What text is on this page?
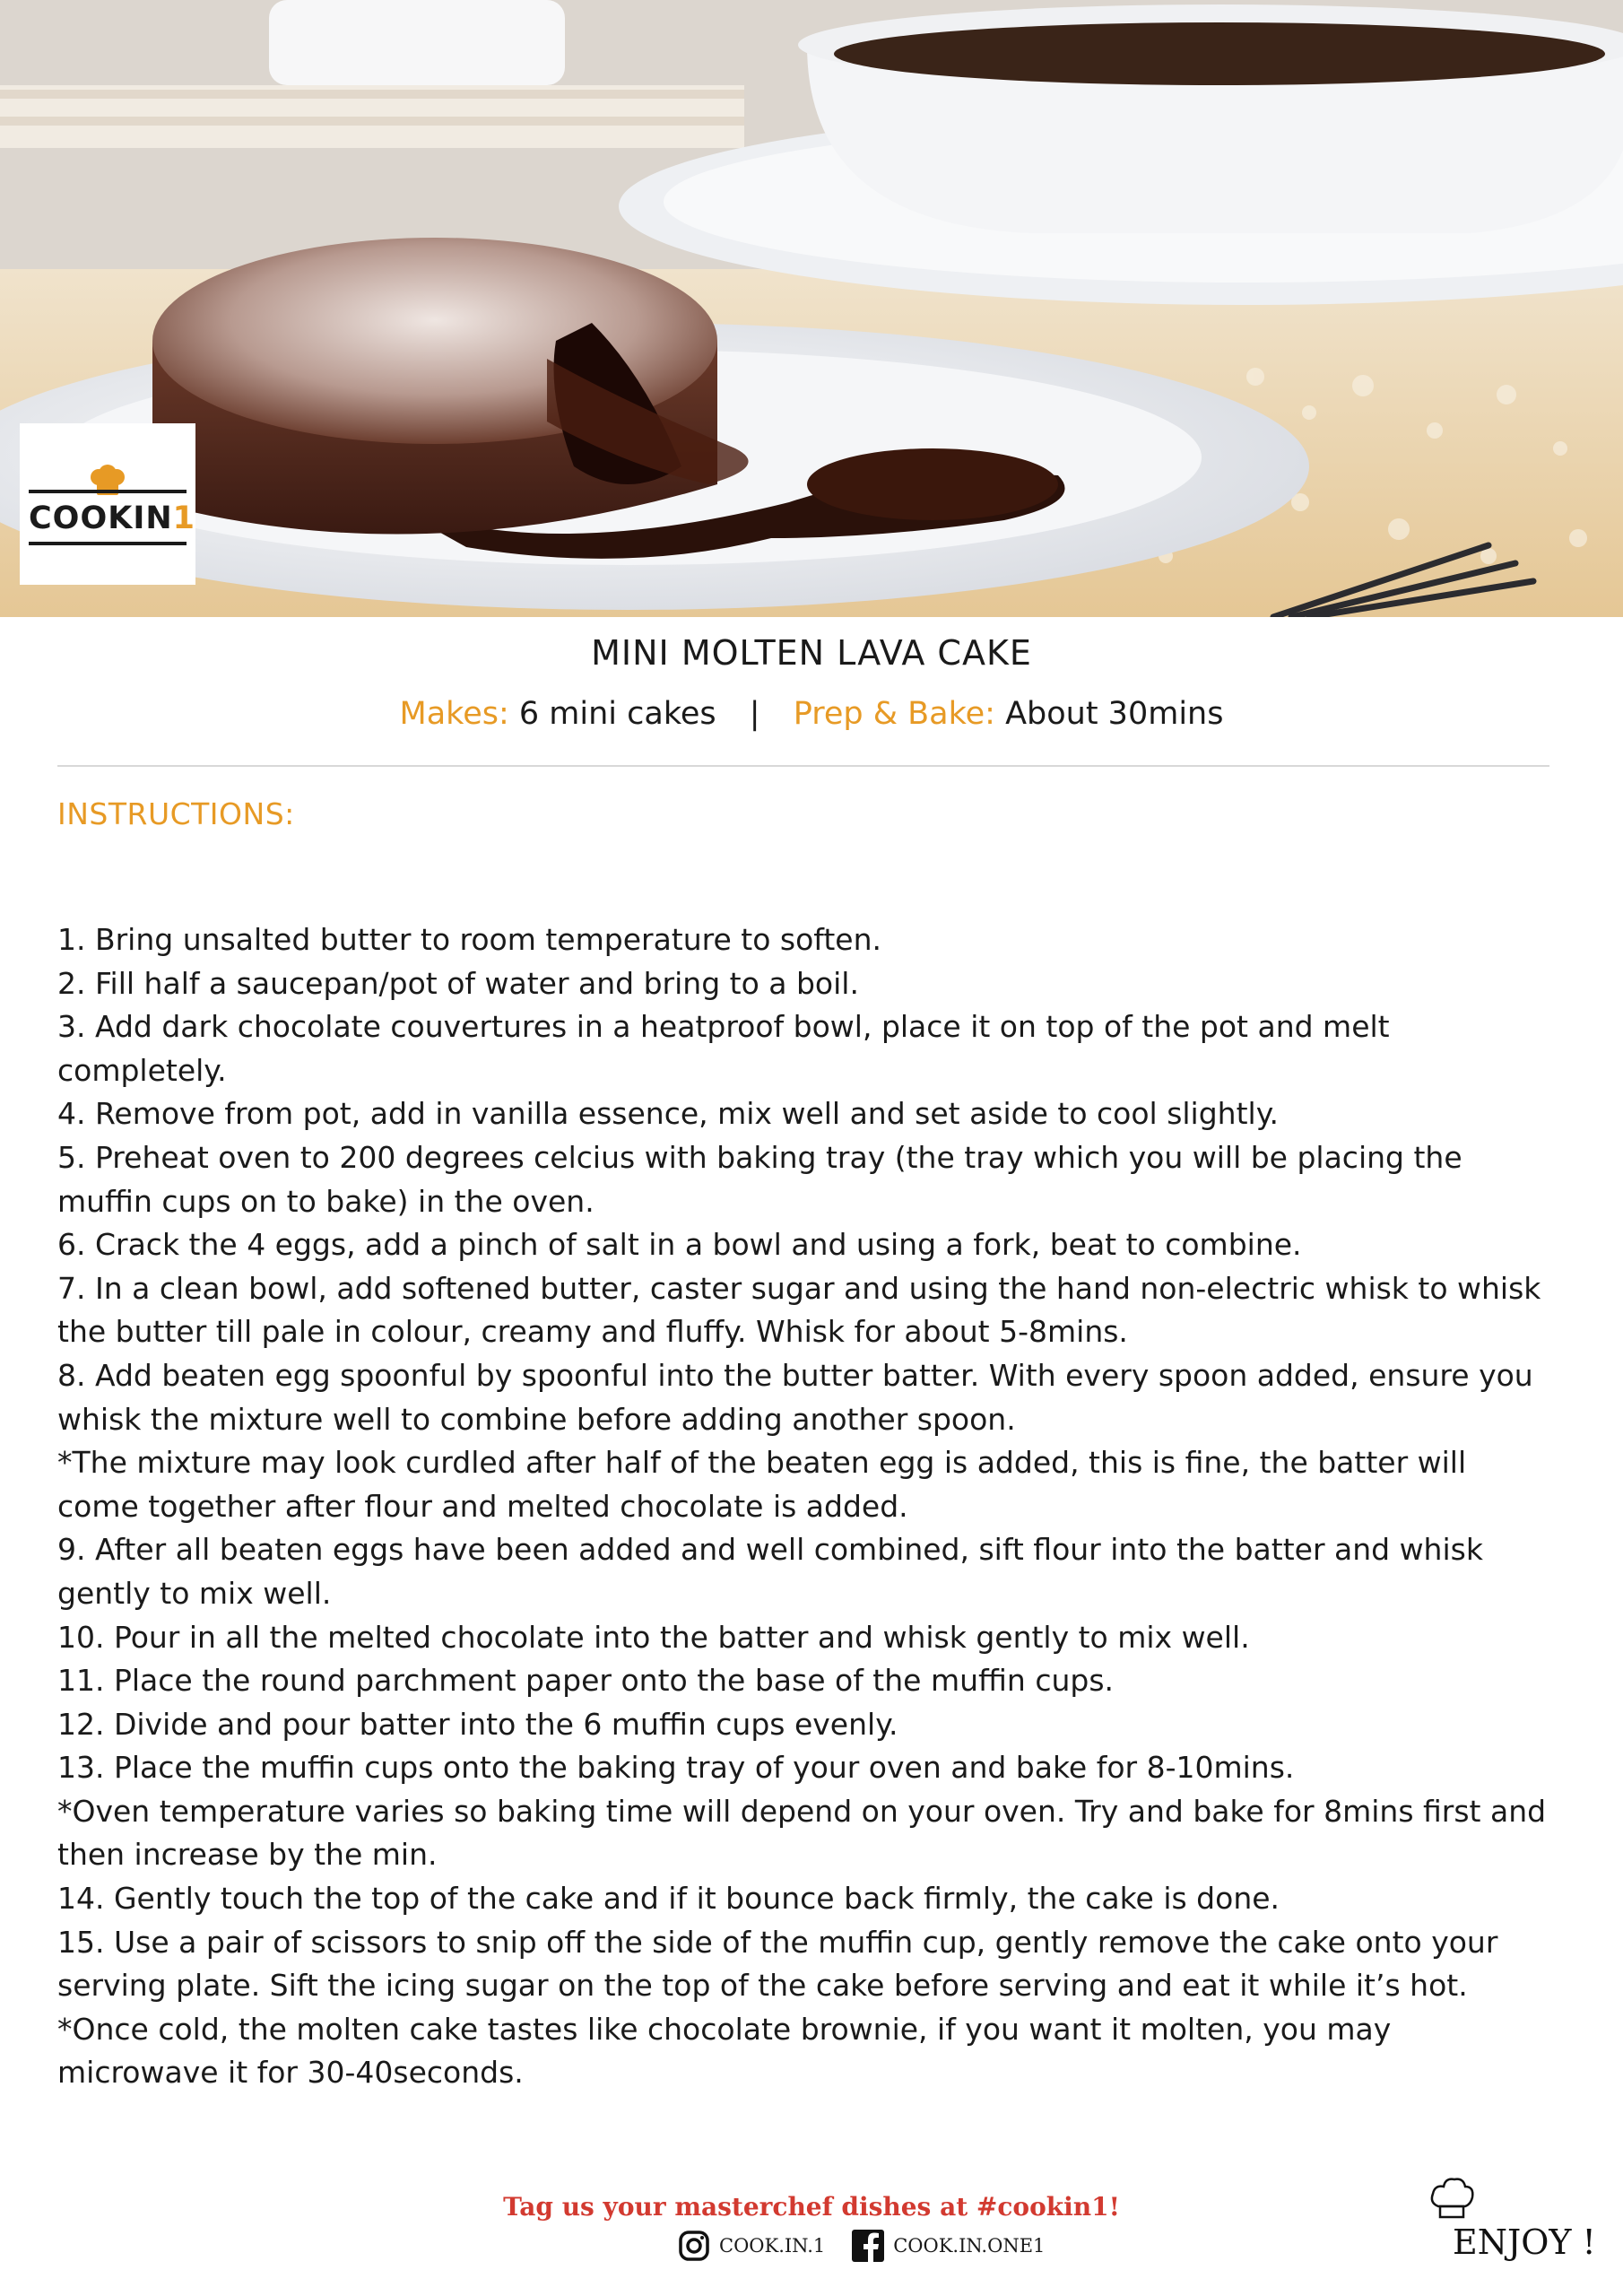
COOKIN1
MINI MOLTEN LAVA CAKE
Makes: 6 mini cakes | Prep & Bake: About 30mins
INSTRUCTIONS:
1. Bring unsalted butter to room temperature to soften.
2. Fill half a saucepan/pot of water and bring to a boil.
3. Add dark chocolate couvertures in a heatproof bowl, place it on top of the pot and melt completely.
4. Remove from pot, add in vanilla essence, mix well and set aside to cool slightly.
5. Preheat oven to 200 degrees celcius with baking tray (the tray which you will be placing the muffin cups on to bake) in the oven.
6. Crack the 4 eggs, add a pinch of salt in a bowl and using a fork, beat to combine.
7. In a clean bowl, add softened butter, caster sugar and using the hand non-electric whisk to whisk the butter till pale in colour, creamy and fluffy. Whisk for about 5-8mins.
8. Add beaten egg spoonful by spoonful into the butter batter. With every spoon added, ensure you whisk the mixture well to combine before adding another spoon.
*The mixture may look curdled after half of the beaten egg is added, this is fine, the batter will come together after flour and melted chocolate is added.
9. After all beaten eggs have been added and well combined, sift flour into the batter and whisk gently to mix well.
10. Pour in all the melted chocolate into the batter and whisk gently to mix well.
11. Place the round parchment paper onto the base of the muffin cups.
12. Divide and pour batter into the 6 muffin cups evenly.
13. Place the muffin cups onto the baking tray of your oven and bake for 8-10mins.
*Oven temperature varies so baking time will depend on your oven. Try and bake for 8mins first and then increase by the min.
14. Gently touch the top of the cake and if it bounce back firmly, the cake is done.
15. Use a pair of scissors to snip off the side of the muffin cup, gently remove the cake onto your serving plate. Sift the icing sugar on the top of the cake before serving and eat it while it’s hot.
*Once cold, the molten cake tastes like chocolate brownie, if you want it molten, you may microwave it for 30-40seconds.
Tag us your masterchef dishes at #cookin1!
COOK.IN.1	COOK.IN.ONE1	ENJOY !
